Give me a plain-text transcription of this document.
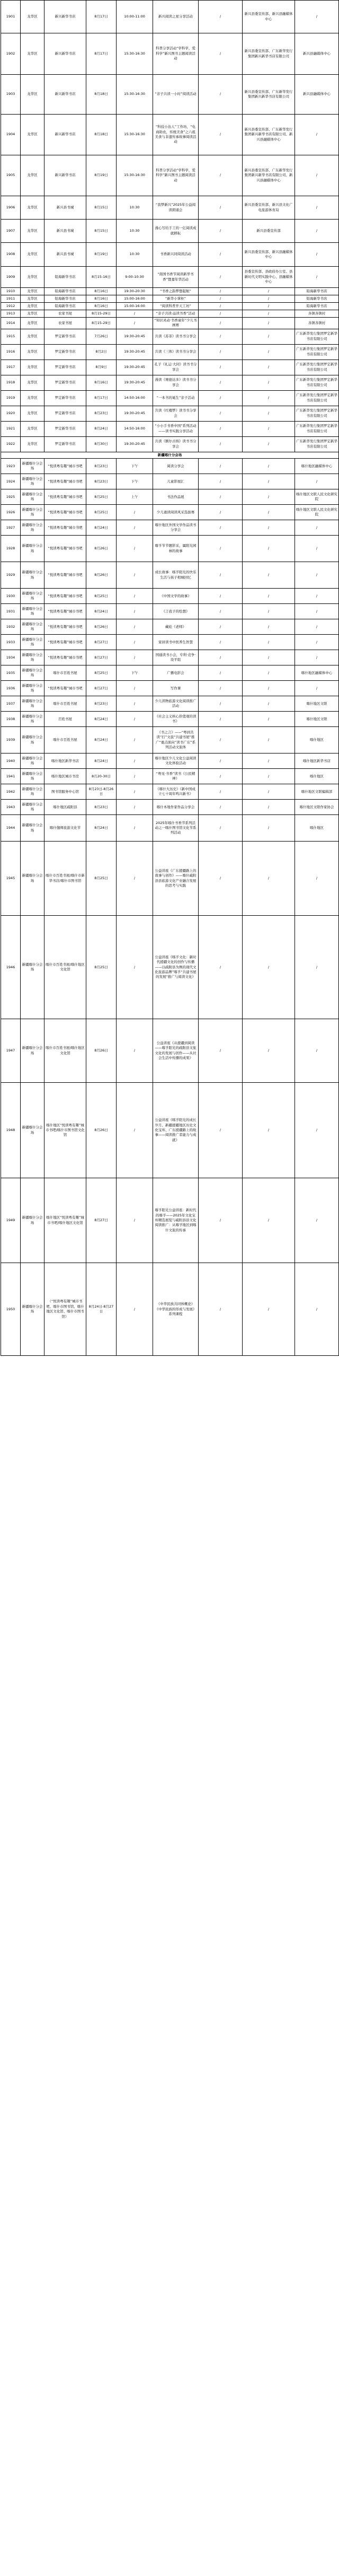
1901	龙华区	新兴新华书店	8月17日	10:00-11:00	新兴阅读之星分享活动	/	新兴县委宣传部、新兴县融媒体中心	/
1902	龙华区	新兴新华书店	8月17日	15:30-16:30	科普分享活动“学科学，爱科学”新兴图书主题阅读活动	/	新兴县委宣传部、广东新华发行集团新兴新华书店有限公司	新兴县融媒体中心
1903	龙华区	新兴新华书店	8月18日	15:30-16:30	“亲子共读一小时”阅读活动	/	新兴县委宣传部、广东新华发行集团新兴新华书店有限公司	新兴县融媒体中心
1904	龙华区	新兴新华书店	8月18日	15:30-16:30	“科技小达人”工作坊，“电商助农，传统美食”之六祖美食与非遗传承故事阅读活动	/	新兴县委宣传部、广东新华发行集团新兴新华书店有限公司、新兴县融媒体中心	/
1905	龙华区	新兴新华书店	8月19日	15:30-16:30	科普分享活动“学科学，爱科学”新兴图书主题阅读活动	/	新兴县委宣传部、广东新华发行集团新兴新华书店有限公司、新兴县融媒体中心	/
1906	龙华区	新兴县书城	8月15日	10:30	“我梦新兴”2025年公益阅读朗诵会	/	新兴县委宣传部、新兴县文化广电旅游体育局	/
1907	龙华区	新兴县书城	8月15日	10:30	漫心写给手工的一亿阅读成就耕耘	/	新兴县委宣传部	/
1908	龙华区	新兴县书城	8月19日	10:30	书香新兴同阅读活动	/	新兴县委宣传部、新兴县融媒体中心	/
1909	龙华区	铅海新华书店	8月15-16日	9:00-10:30	“南国书香节阅读新华书香”暨嘉年华活动	/	县委宣传部、县政府办公室、县新时代文明实践中心、县融媒体中心	/
1910	龙华区	铅海新华书店	8月16日	19:30-20:30	“书香之韵梦想起航”	/	/	铅海新华书店
1911	龙华区	铅海新华书店	8月16日	15:00-16:00	“新华小掌柜”	/	/	铅海新华书店
1912	龙华区	铅海新华书店	8月16日	15:00-16:00	“阅读科普开天工坊”	/	/	铅海新华书店
1913	龙华区	农家书屋	8月15-29日	/	“亲子共读·品读书香”活动	/	/	各镇各镇村
1914	龙华区	农家书屋	8月15-29日	/	“知识灵动·书香童年”少儿书画赛	/	/	各镇各镇村
1915	龙华区	罗定新华书店	7月26日	19:30-20:45	共读《苏菲》读书书分享会	/	/	广东新华发行集团罗定新华书店有限公司
1916	龙华区	罗定新华书店	8月2日	19:30-20:45	共读《三体》读书书分享会	/	/	广东新华发行集团罗定新华书店有限公司
1917	龙华区	罗定新华书店	8月9日	19:30-20:45	孔子《礼运·大同》读书书分享会	/	/	广东新华发行集团罗定新华书店有限公司
1918	龙华区	罗定新华书店	8月16日	19:30-20:45	漫读《赛德达多》读书书分享会	/	/	广东新华发行集团罗定新华书店有限公司
1919	龙华区	罗定新华书店	8月17日	14:50-16:00	“一本书的诞生”亲子活动	/	/	广东新华发行集团罗定新华书店有限公司
1920	龙华区	罗定新华书店	8月23日	19:30-20:45	共读《红楼梦》读书书分享会	/	/	广东新华发行集团罗定新华书店有限公司
1921	龙华区	罗定新华书店	8月24日	14:50-16:00	“小小手书香中国”系列活动——读书实践分享活动	/	/	广东新华发行集团罗定新华书店有限公司
1922	龙华区	罗定新华书店	8月30日	19:30-20:45	共读《额尔古纳》读书书分享会	/	/	广东新华发行集团罗定新华书店有限公司
新疆喀什分会场								
1923	新疆喀什分会场	“悦读粤有趣”城市书吧	8月23日	下午	阅读分享会	/	/	喀什地区融媒体中心
1924	新疆喀什分会场	“悦读粤有趣”城市书吧	8月23日	下午	儿童影展汇	/	/	/
1925	新疆喀什分会场	“悦读粤有趣”城市书吧	8月25日	上午	书法作品展	/	/	喀什地区文联人民文化研究院
1926	新疆喀什分会场	“悦读粤有趣”城市书吧	8月25日	/	少儿诵读阅读风采选拔赛	/	/	喀什地区文联人民文化研究院
1927	新疆喀什分会场	“悦读粤有趣”城市书吧	8月24日	/	喀什地区外国文学作品读书分享会	/	/	/
1928	新疆喀什分会场	“悦读粤有趣”城市书吧	8月26日	/	喀孚节节题影采，属阳光园林的故事	/	/	/
1929	新疆喀什分会场	“悦读粤有趣”城市书吧	8月26日	/	成长故事：喀孚阳光的快乐生活与孩子相城回忆	/	/	/
1930	新疆喀什分会场	“悦读粤有趣”城市书吧	8月25日	/	《中国文学的故事》	/	/	/
1931	新疆喀什分会场	“悦读粤有趣”城市书吧	8月24日	/	《言我子的绘想》	/	/	/
1932	新疆喀什分会场	“悦读粤有趣”城市书吧	8月26日	/	藏娃《老师》	/	/	/
1933	新疆喀什分会场	“悦读粤有趣”城市书吧	8月27日	/	家居读书中医养生智慧	/	/	/
1934	新疆喀什分会场	“悦读粤有趣”城市书吧	8月27日	/	国通读书小会，专利·竞争·设平组	/	/	/
1935	新疆喀什分会场	喀什市百姓书屋	8月25日	下午	广播电影会	/	/	喀什地区融媒体中心
1936	新疆喀什分会场	“悦读粤有趣”城市书吧	8月27日	/	写作课	/	/	/
1937	新疆喀什分会场	喀什市百姓书屋	8月23日	/	少儿读物旅游文化阅读推广活动	/	/	喀什地区文联
1938	新疆喀什分会场	百姓书屋	8月24日	/	《社会主义核心价值观的读书》	/	/	喀什地区文联
1939	新疆喀什分会场	喀什市百姓书屋	8月24日	/	《书之言》——“粤到共读”打”文旅“共建书屋”推广“重点面向”读书广东”系列活动文旅体	/	/	喀什地区
1940	新疆喀什分会场	喀什地区新华书店	8月24日	/	喀什地区少儿文化公益阅读文化体验活动	/	/	喀什地区新华书店
1941	新疆喀什分会场	喀什地区城市书房	8月20-30日	/	“粤见·书香”读书《公民精神》	/	/	喀什地区
1942	新疆喀什分会场	图书馆服务中心馆	8月23日-8月26日	/	《喀什大历史》《新中国成立七十周年鸣兴新书》	/	/	喀什地区文联编辑部
1943	新疆喀什分会场	喀什地区疏附县	8月23日	/	喀什本地作家作品分享会	/	/	喀什地区文联作家协会
1944	新疆喀什分会场	喀什伽师旅游文化节	8月24日	/	2025年喀什书香节系列活动之一喀什图书馆文化节系列活动	/	/	喀什地区
1945	新疆喀什分会场	喀什市百姓书屋/喀什市新华书店/喀什市图书馆	8月25日	/	公益讲座《广东援疆路上的故事与创作》——喀什疏附县县旅游文化产业融合发展的思考与实践	/	/	/
1946	新疆喀什分会场	喀什市百姓书屋/喀什地区文化馆	8月25日	/	公益讲座《喀孚文化：新时代援疆文化的创作与传播——以疏附县为例的现代文化旅游品牌”喀孚“共建书屋的发展”推广与阅读文化》	/	/	/
1947	新疆喀什分会场	喀什市百姓书屋/喀什地区文化馆	8月26日	/	公益讲座《从援疆到阅读——喀孚阳光的疏附县文旅文化的发展与创作——从社会生活中传播的成果》	/	/	/
1948	新疆喀什分会场	喀什地区“悦读粤有趣”城市书吧/喀什市图书馆文化馆	8月26日	/	公益讲座《喀孚阳光的成长岁月、新疆援疆地区历史文化宝库、广东援疆路上的故事——阅读推广者能力与成就》	/	/	/
1949	新疆喀什分会场	喀什地区“悦读粤有趣”城市书吧/喀什地区文化馆	8月27日	/	喀孚阳光公益讲座：新时代的喀孚——2025年文化宝库精选展览与疏附县县文化阅读推广：从喀孚地区到喀什文旅的传承	/	/	/
1950	新疆喀什分会场	（“悦读粤有趣”城市书吧、喀什市图书馆、喀什地区文化馆、喀什市图书馆）	8月24日-8月27日	/	《中华民族共同体概论》《中华民族的形成与发展》系列课程	/	/	/
